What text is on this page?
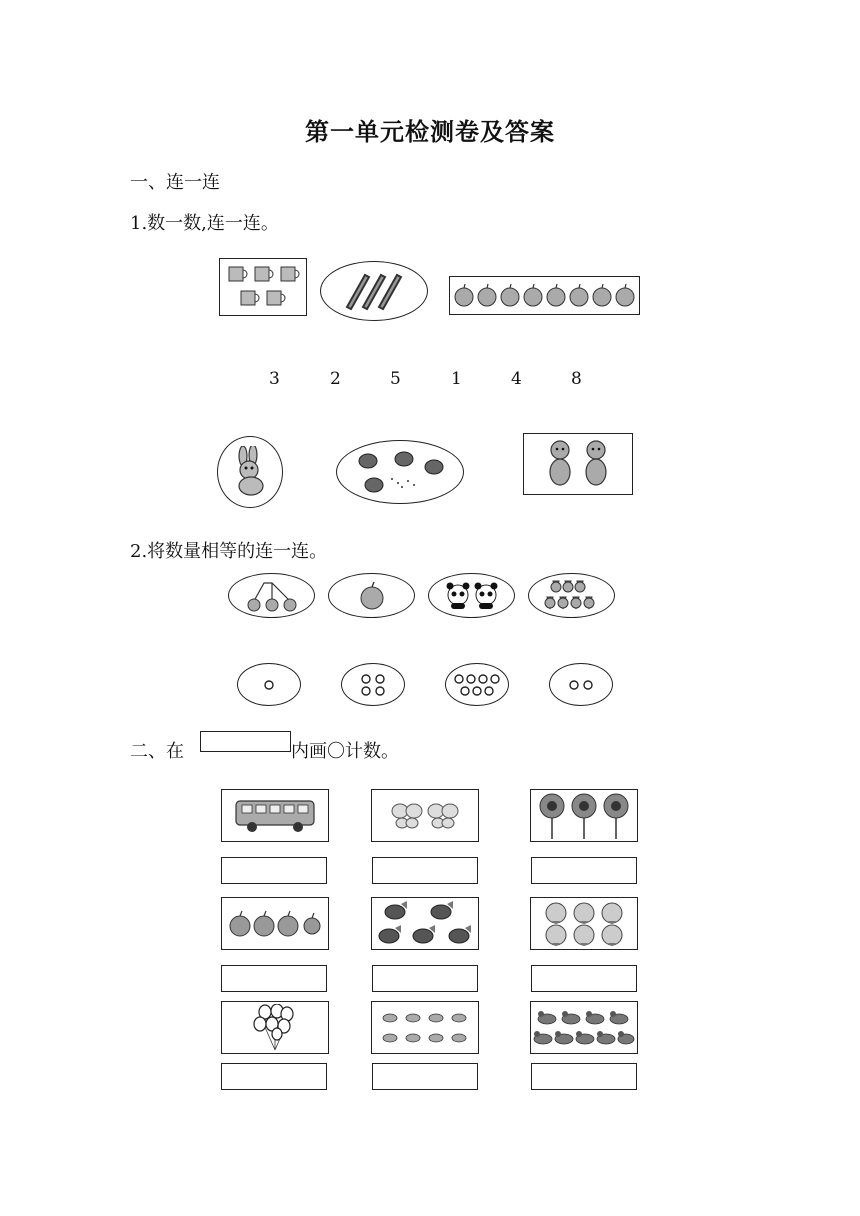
第一单元检测卷及答案
一、连一连
1.数一数,连一连。
3	2	5	1	4	8
2.将数量相等的连一连。
二、在	内画〇计数。
